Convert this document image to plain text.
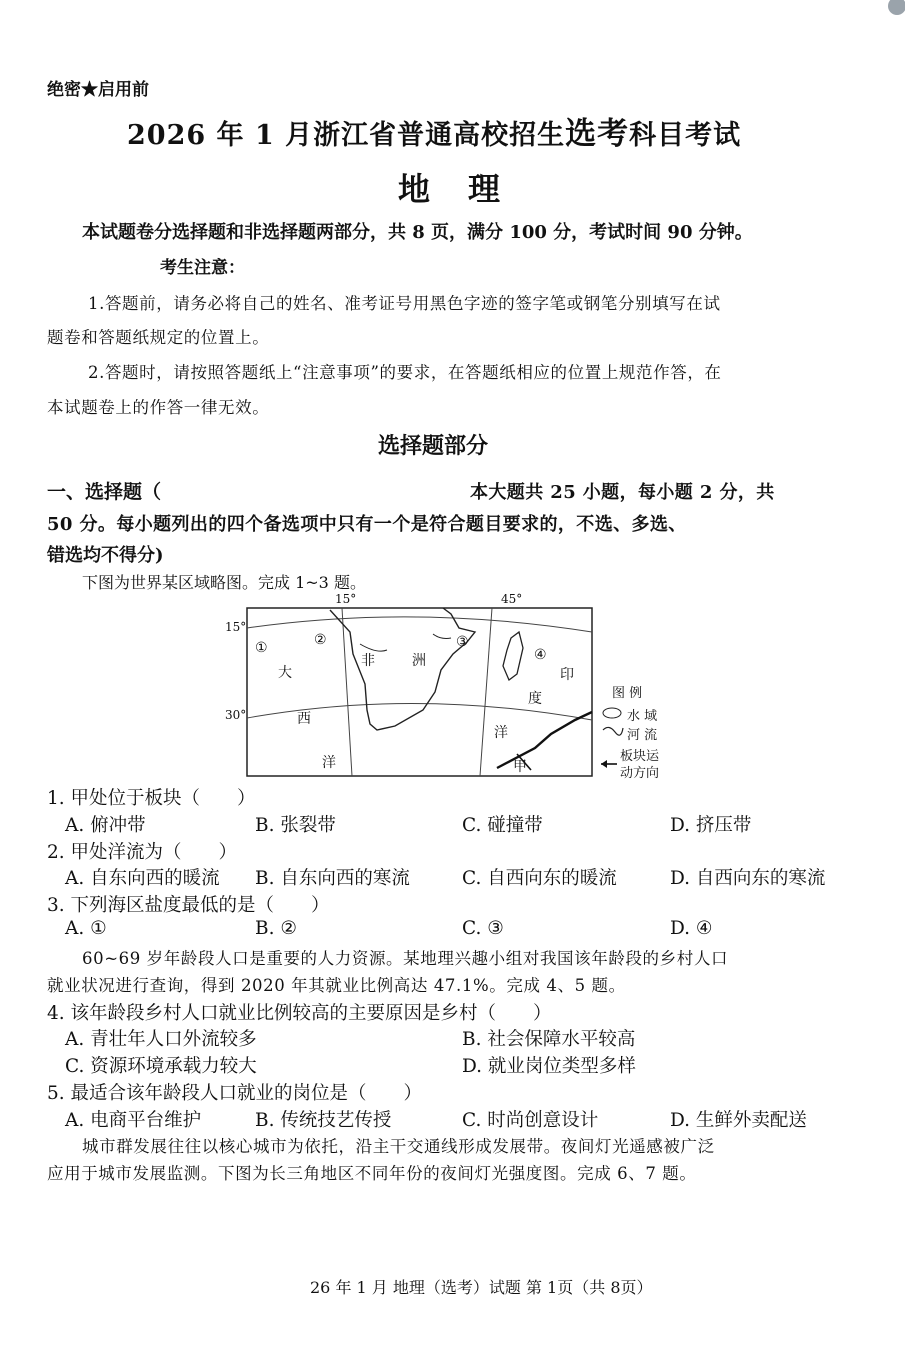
绝密★启用前
2026 年 1 月浙江省普通高校招生选考科目考试
地理
本试题卷分选择题和非选择题两部分，共 8 页，满分 100 分，考试时间 90 分钟。
考生注意：
1.答题前，请务必将自己的姓名、准考证号用黑色字迹的签字笔或钢笔分别填写在试
题卷和答题纸规定的位置上。
2.答题时，请按照答题纸上“注意事项”的要求，在答题纸相应的位置上规范作答，在
本试题卷上的作答一律无效。
选择题部分
一、选择题（	本大题共 25 小题，每小题 2 分，共
50 分。每小题列出的四个备选项中只有一个是符合题目要求的，不选、多选、
错选均不得分)
下图为世界某区域略图。完成 1~3 题。
15°	45°
15°
30°
①	②	③
④
大
西
洋
非	洲
印
度
洋
甲
图 例
水 域
河 流
板块运
动方向
1. 甲处位于板块（　　）
A. 俯冲带	B. 张裂带	C. 碰撞带	D. 挤压带
2. 甲处洋流为（　　）
A. 自东向西的暖流 B. 自东向西的寒流	C. 自西向东的暖流	D. 自西向东的寒流
3. 下列海区盐度最低的是（　　）
A. ①	B. ②	C. ③	D. ④
60~69 岁年龄段人口是重要的人力资源。某地理兴趣小组对我国该年龄段的乡村人口
就业状况进行查询，得到 2020 年其就业比例高达 47.1%。完成 4、5 题。
4. 该年龄段乡村人口就业比例较高的主要原因是乡村（　　）
A. 青壮年人口外流较多	B. 社会保障水平较高
C. 资源环境承载力较大	D. 就业岗位类型多样
5. 最适合该年龄段人口就业的岗位是（　　）
A. 电商平台维护	B. 传统技艺传授	C. 时尚创意设计	D. 生鲜外卖配送
城市群发展往往以核心城市为依托，沿主干交通线形成发展带。夜间灯光遥感被广泛
应用于城市发展监测。下图为长三角地区不同年份的夜间灯光强度图。完成 6、7 题。
26 年 1 月 地理（选考）试题 第 1页（共 8页）
